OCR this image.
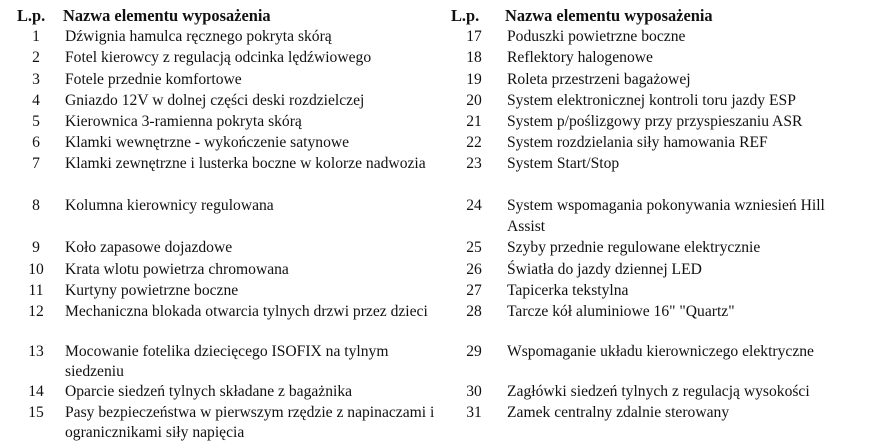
L.p.	Nazwa elementu wyposażenia
1	Dźwignia hamulca ręcznego pokryta skórą
2	Fotel kierowcy z regulacją odcinka lędźwiowego
3	Fotele przednie komfortowe
4	Gniazdo 12V w dolnej części deski rozdzielczej
5	Kierownica 3-ramienna pokryta skórą
6	Klamki wewnętrzne - wykończenie satynowe
7	Klamki zewnętrzne i lusterka boczne w kolorze nadwozia
8	Kolumna kierownicy regulowana
9	Koło zapasowe dojazdowe
10	Krata wlotu powietrza chromowana
11	Kurtyny powietrzne boczne
12	Mechaniczna blokada otwarcia tylnych drzwi przez dzieci
13	Mocowanie fotelika dziecięcego ISOFIX na tylnym siedzeniu
14	Oparcie siedzeń tylnych składane z bagażnika
15	Pasy bezpieczeństwa w pierwszym rzędzie z napinaczami i ogranicznikami siły napięcia
L.p.	Nazwa elementu wyposażenia
17	Poduszki powietrzne boczne
18	Reflektory halogenowe
19	Roleta przestrzeni bagażowej
20	System elektronicznej kontroli toru jazdy ESP
21	System p/poślizgowy przy przyspieszaniu ASR
22	System rozdzielania siły hamowania REF
23	System Start/Stop
24	System wspomagania pokonywania wzniesień Hill Assist
25	Szyby przednie regulowane elektrycznie
26	Światła do jazdy dziennej LED
27	Tapicerka tekstylna
28	Tarcze kół aluminiowe 16" "Quartz"
29	Wspomaganie układu kierowniczego elektryczne
30	Zagłówki siedzeń tylnych z regulacją wysokości
31	Zamek centralny zdalnie sterowany
